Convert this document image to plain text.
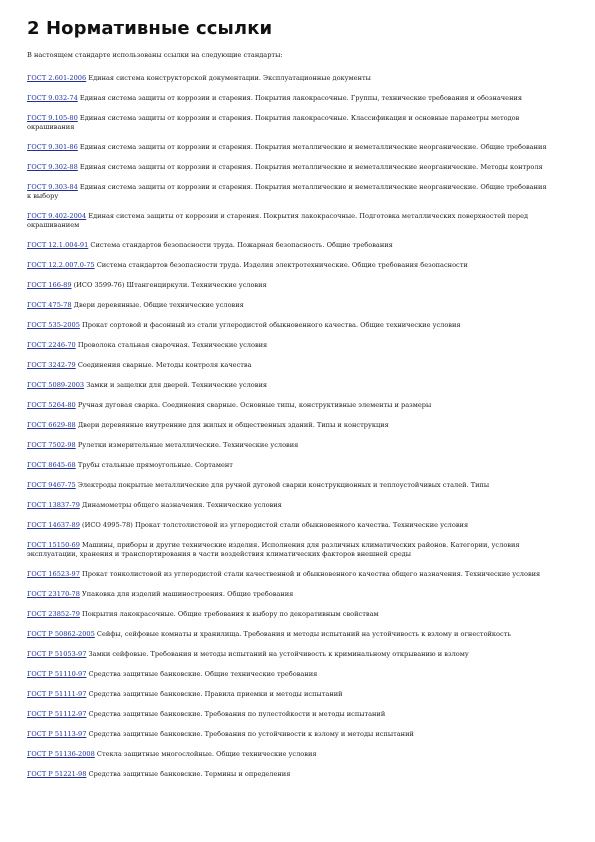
2 Нормативные ссылки

В настоящем стандарте использованы ссылки на следующие стандарты:

ГОСТ 2.601-2006 Единая система конструкторской документации. Эксплуатационные документы
ГОСТ 9.032-74 Единая система защиты от коррозии и старения. Покрытия лакокрасочные. Группы, технические требования и обозначения
ГОСТ 9.105-80 Единая система защиты от коррозии и старения. Покрытия лакокрасочные. Классификация и основные параметры методов окрашивания
ГОСТ 9.301-86 Единая система защиты от коррозии и старения. Покрытия металлические и неметаллические неорганические. Общие требования
ГОСТ 9.302-88 Единая система защиты от коррозии и старения. Покрытия металлические и неметаллические неорганические. Методы контроля
ГОСТ 9.303-84 Единая система защиты от коррозии и старения. Покрытия металлические и неметаллические неорганические. Общие требования к выбору
ГОСТ 9.402-2004 Единая система защиты от коррозии и старения. Покрытия лакокрасочные. Подготовка металлических поверхностей перед окрашиванием
ГОСТ 12.1.004-91 Система стандартов безопасности труда. Пожарная безопасность. Общие требования
ГОСТ 12.2.007.0-75 Система стандартов безопасности труда. Изделия электротехнические. Общие требования безопасности
ГОСТ 166-89 (ИСО 3599-76) Штангенциркули. Технические условия
ГОСТ 475-78 Двери деревянные. Общие технические условия
ГОСТ 535-2005 Прокат сортовой и фасонный из стали углеродистой обыкновенного качества. Общие технические условия
ГОСТ 2246-70 Проволока стальная сварочная. Технические условия
ГОСТ 3242-79 Соединения сварные. Методы контроля качества
ГОСТ 5089-2003 Замки и защелки для дверей. Технические условия
ГОСТ 5264-80 Ручная дуговая сварка. Соединения сварные. Основные типы, конструктивные элементы и размеры
ГОСТ 6629-88 Двери деревянные внутренние для жилых и общественных зданий. Типы и конструкция
ГОСТ 7502-98 Рулетки измерительные металлические. Технические условия
ГОСТ 8645-68 Трубы стальные прямоугольные. Сортамент
ГОСТ 9467-75 Электроды покрытые металлические для ручной дуговой сварки конструкционных и теплоустойчивых сталей. Типы
ГОСТ 13837-79 Динамометры общего назначения. Технические условия
ГОСТ 14637-89 (ИСО 4995-78) Прокат толстолистовой из углеродистой стали обыкновенного качества. Технические условия
ГОСТ 15150-69 Машины, приборы и другие технические изделия. Исполнения для различных климатических районов. Категории, условия эксплуатации, хранения и транспортирования в части воздействия климатических факторов внешней среды
ГОСТ 16523-97 Прокат тонколистовой из углеродистой стали качественной и обыкновенного качества общего назначения. Технические условия
ГОСТ 23170-78 Упаковка для изделий машиностроения. Общие требования
ГОСТ 23852-79 Покрытия лакокрасочные. Общие требования к выбору по декоративным свойствам
ГОСТ Р 50862-2005 Сейфы, сейфовые комнаты и хранилища. Требования и методы испытаний на устойчивость к взлому и огнестойкость
ГОСТ Р 51053-97 Замки сейфовые. Требования и методы испытаний на устойчивость к криминальному открыванию и взлому
ГОСТ Р 51110-97 Средства защитные банковские. Общие технические требования
ГОСТ Р 51111-97 Средства защитные банковские. Правила приемки и методы испытаний
ГОСТ Р 51112-97 Средства защитные банковские. Требования по пулестойкости и методы испытаний
ГОСТ Р 51113-97 Средства защитные банковские. Требования по устойчивости к взлому и методы испытаний
ГОСТ Р 51136-2008 Стекла защитные многослойные. Общие технические условия
ГОСТ Р 51221-98 Средства защитные банковские. Термины и определения
